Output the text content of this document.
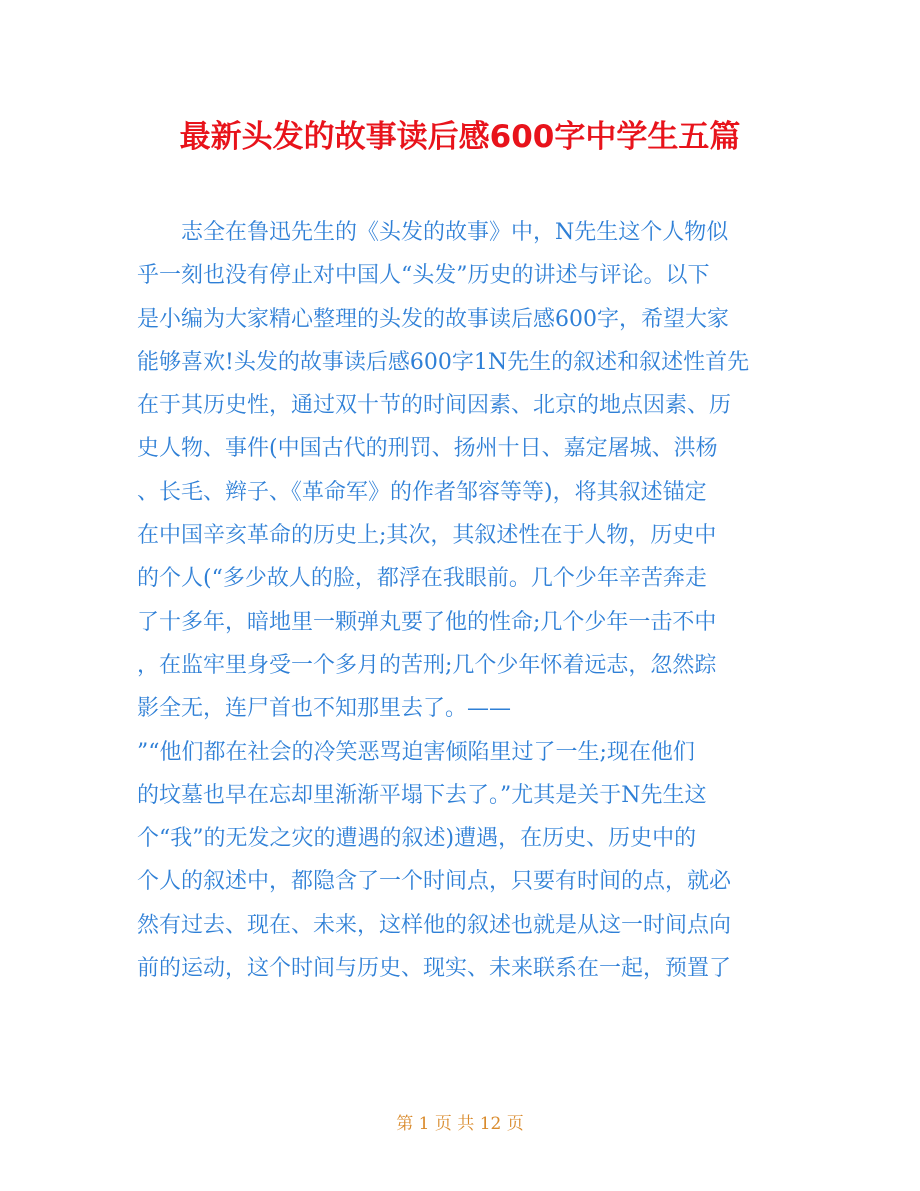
最新头发的故事读后感600字中学生五篇
　　志全在鲁迅先生的《头发的故事》中，N先生这个人物似
乎一刻也没有停止对中国人“头发”历史的讲述与评论。以下
是小编为大家精心整理的头发的故事读后感600字，希望大家
能够喜欢!头发的故事读后感600字1N先生的叙述和叙述性首先
在于其历史性，通过双十节的时间因素、北京的地点因素、历
史人物、事件(中国古代的刑罚、扬州十日、嘉定屠城、洪杨
、长毛、辫子、《革命军》的作者邹容等等)，将其叙述锚定
在中国辛亥革命的历史上;其次，其叙述性在于人物，历史中
的个人(“多少故人的脸，都浮在我眼前。几个少年辛苦奔走
了十多年，暗地里一颗弹丸要了他的性命;几个少年一击不中
，在监牢里身受一个多月的苦刑;几个少年怀着远志，忽然踪
影全无，连尸首也不知那里去了。——
”“他们都在社会的冷笑恶骂迫害倾陷里过了一生;现在他们
的坟墓也早在忘却里渐渐平塌下去了。”尤其是关于N先生这
个“我”的无发之灾的遭遇的叙述)遭遇，在历史、历史中的
个人的叙述中，都隐含了一个时间点，只要有时间的点，就必
然有过去、现在、未来，这样他的叙述也就是从这一时间点向
前的运动，这个时间与历史、现实、未来联系在一起，预置了
第 1 页 共 12 页
